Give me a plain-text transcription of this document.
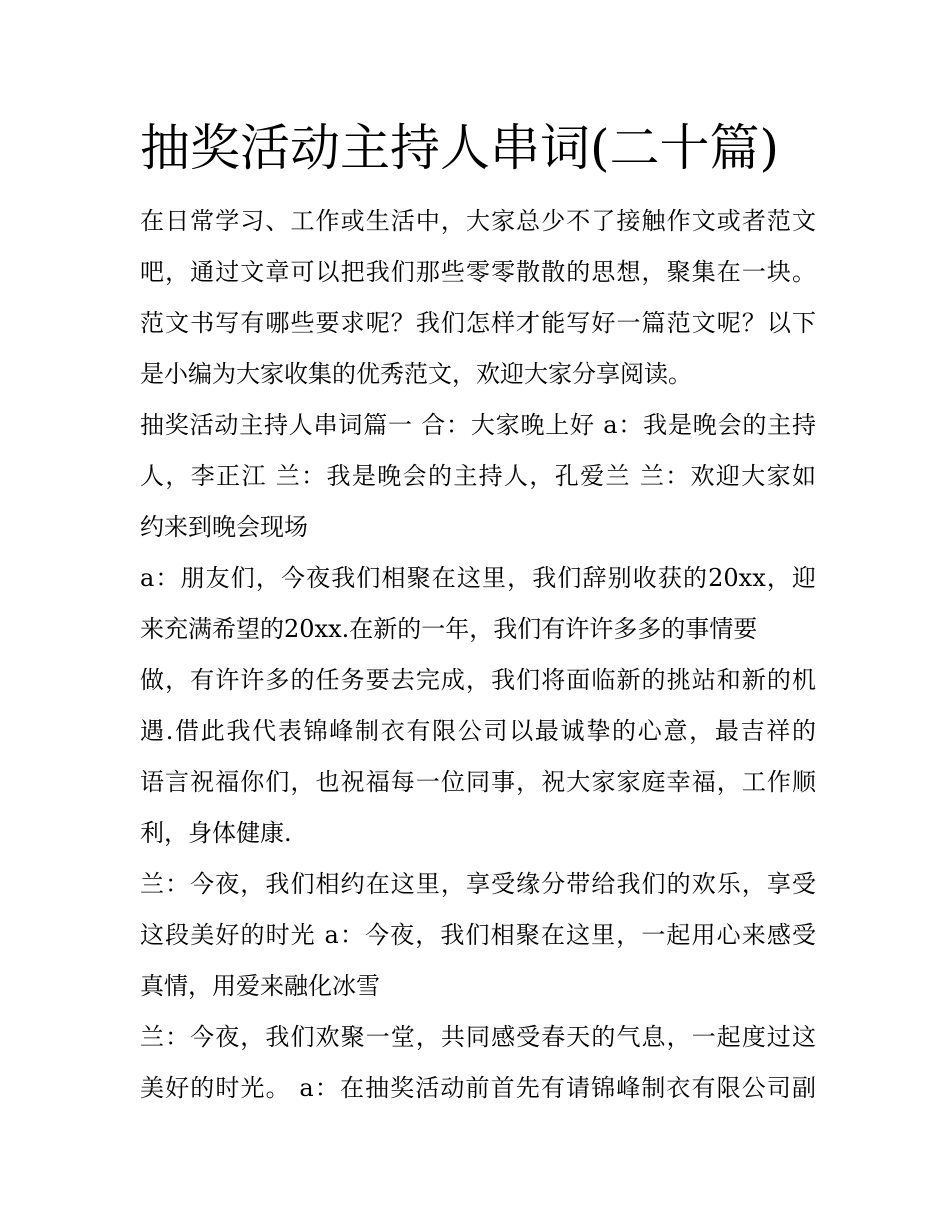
抽奖活动主持人串词(二十篇)
在日常学习、工作或生活中，大家总少不了接触作文或者范文
吧，通过文章可以把我们那些零零散散的思想，聚集在一块。
范文书写有哪些要求呢？我们怎样才能写好一篇范文呢？以下
是小编为大家收集的优秀范文，欢迎大家分享阅读。
抽奖活动主持人串词篇一 合：大家晚上好 a：我是晚会的主持
人，李正江 兰：我是晚会的主持人，孔爱兰 兰：欢迎大家如
约来到晚会现场
a：朋友们，今夜我们相聚在这里，我们辞别收获的20xx，迎
来充满希望的20xx.在新的一年，我们有许许多多的事情要
做，有许许多的任务要去完成，我们将面临新的挑站和新的机
遇.借此我代表锦峰制衣有限公司以最诚挚的心意，最吉祥的
语言祝福你们，也祝福每一位同事，祝大家家庭幸福，工作顺
利，身体健康.
兰：今夜，我们相约在这里，享受缘分带给我们的欢乐，享受
这段美好的时光 a：今夜，我们相聚在这里，一起用心来感受
真情，用爱来融化冰雪
兰：今夜，我们欢聚一堂，共同感受春天的气息，一起度过这
美好的时光。 a：在抽奖活动前首先有请锦峰制衣有限公司副
